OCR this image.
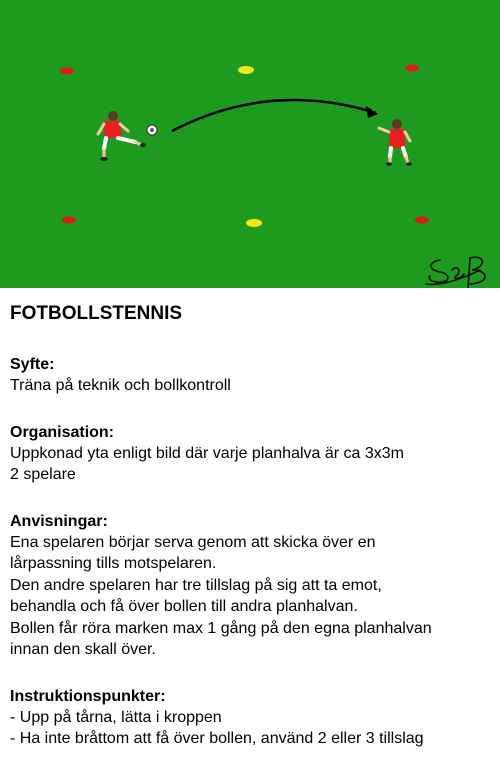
FOTBOLLSTENNIS
Syfte:
Träna på teknik och bollkontroll
Organisation:
Uppkonad yta enligt bild där varje planhalva är ca 3x3m
2 spelare
Anvisningar:
Ena spelaren börjar serva genom att skicka över en
lårpassning tills motspelaren.
Den andre spelaren har tre tillslag på sig att ta emot,
behandla och få över bollen till andra planhalvan.
Bollen får röra marken max 1 gång på den egna planhalvan
innan den skall över.
Instruktionspunkter:
- Upp på tårna, lätta i kroppen
- Ha inte bråttom att få över bollen, använd 2 eller 3 tillslag
